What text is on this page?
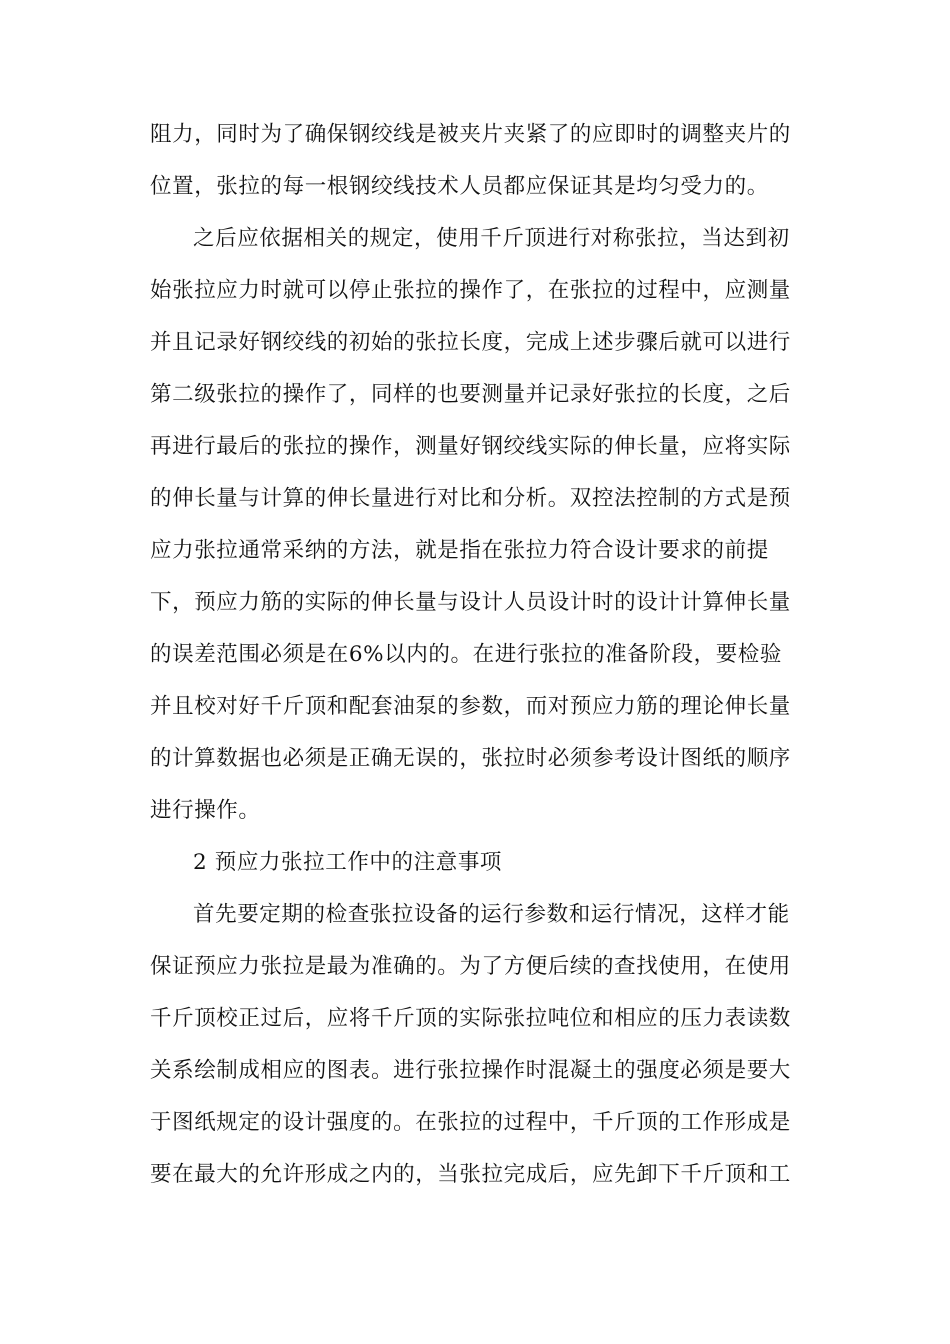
阻力，同时为了确保钢绞线是被夹片夹紧了的应即时的调整夹片的
位置，张拉的每一根钢绞线技术人员都应保证其是均匀受力的。
之后应依据相关的规定，使用千斤顶进行对称张拉，当达到初
始张拉应力时就可以停止张拉的操作了，在张拉的过程中，应测量
并且记录好钢绞线的初始的张拉长度，完成上述步骤后就可以进行
第二级张拉的操作了，同样的也要测量并记录好张拉的长度，之后
再进行最后的张拉的操作，测量好钢绞线实际的伸长量，应将实际
的伸长量与计算的伸长量进行对比和分析。双控法控制的方式是预
应力张拉通常采纳的方法，就是指在张拉力符合设计要求的前提
下，预应力筋的实际的伸长量与设计人员设计时的设计计算伸长量
的误差范围必须是在6%以内的。在进行张拉的准备阶段，要检验
并且校对好千斤顶和配套油泵的参数，而对预应力筋的理论伸长量
的计算数据也必须是正确无误的，张拉时必须参考设计图纸的顺序
进行操作。
2 预应力张拉工作中的注意事项
首先要定期的检查张拉设备的运行参数和运行情况，这样才能
保证预应力张拉是最为准确的。为了方便后续的查找使用，在使用
千斤顶校正过后，应将千斤顶的实际张拉吨位和相应的压力表读数
关系绘制成相应的图表。进行张拉操作时混凝土的强度必须是要大
于图纸规定的设计强度的。在张拉的过程中，千斤顶的工作形成是
要在最大的允许形成之内的，当张拉完成后，应先卸下千斤顶和工
